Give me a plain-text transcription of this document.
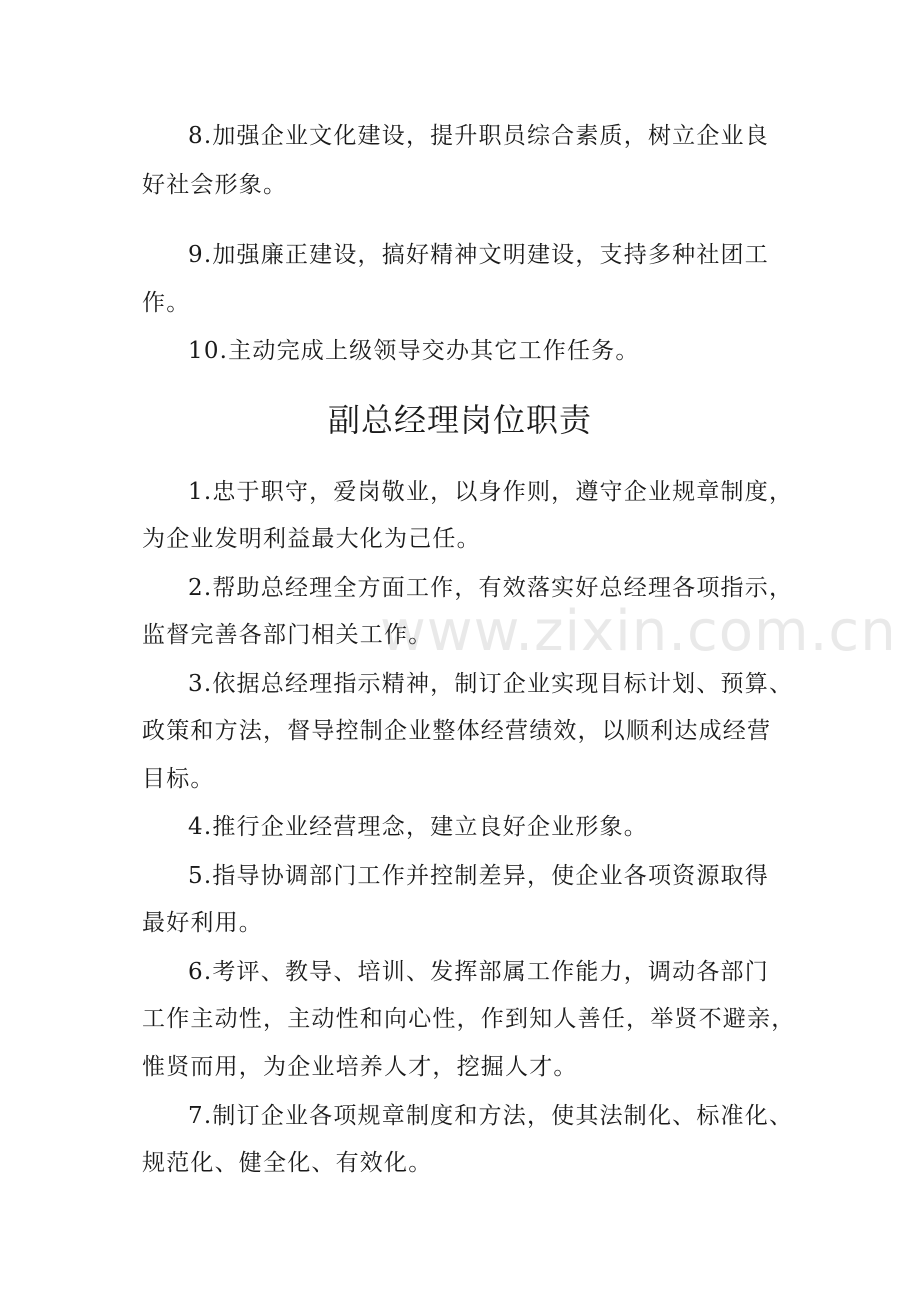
www.zixin.com.cn
8.加强企业文化建设，提升职员综合素质，树立企业良
好社会形象。
9.加强廉正建设，搞好精神文明建设，支持多种社团工
作。
10.主动完成上级领导交办其它工作任务。
副总经理岗位职责
1.忠于职守，爱岗敬业，以身作则，遵守企业规章制度，
为企业发明利益最大化为己任。
2.帮助总经理全方面工作，有效落实好总经理各项指示，
监督完善各部门相关工作。
3.依据总经理指示精神，制订企业实现目标计划、预算、
政策和方法，督导控制企业整体经营绩效，以顺利达成经营
目标。
4.推行企业经营理念，建立良好企业形象。
5.指导协调部门工作并控制差异，使企业各项资源取得
最好利用。
6.考评、教导、培训、发挥部属工作能力，调动各部门
工作主动性，主动性和向心性，作到知人善任，举贤不避亲，
惟贤而用，为企业培养人才，挖掘人才。
7.制订企业各项规章制度和方法，使其法制化、标准化、
规范化、健全化、有效化。
